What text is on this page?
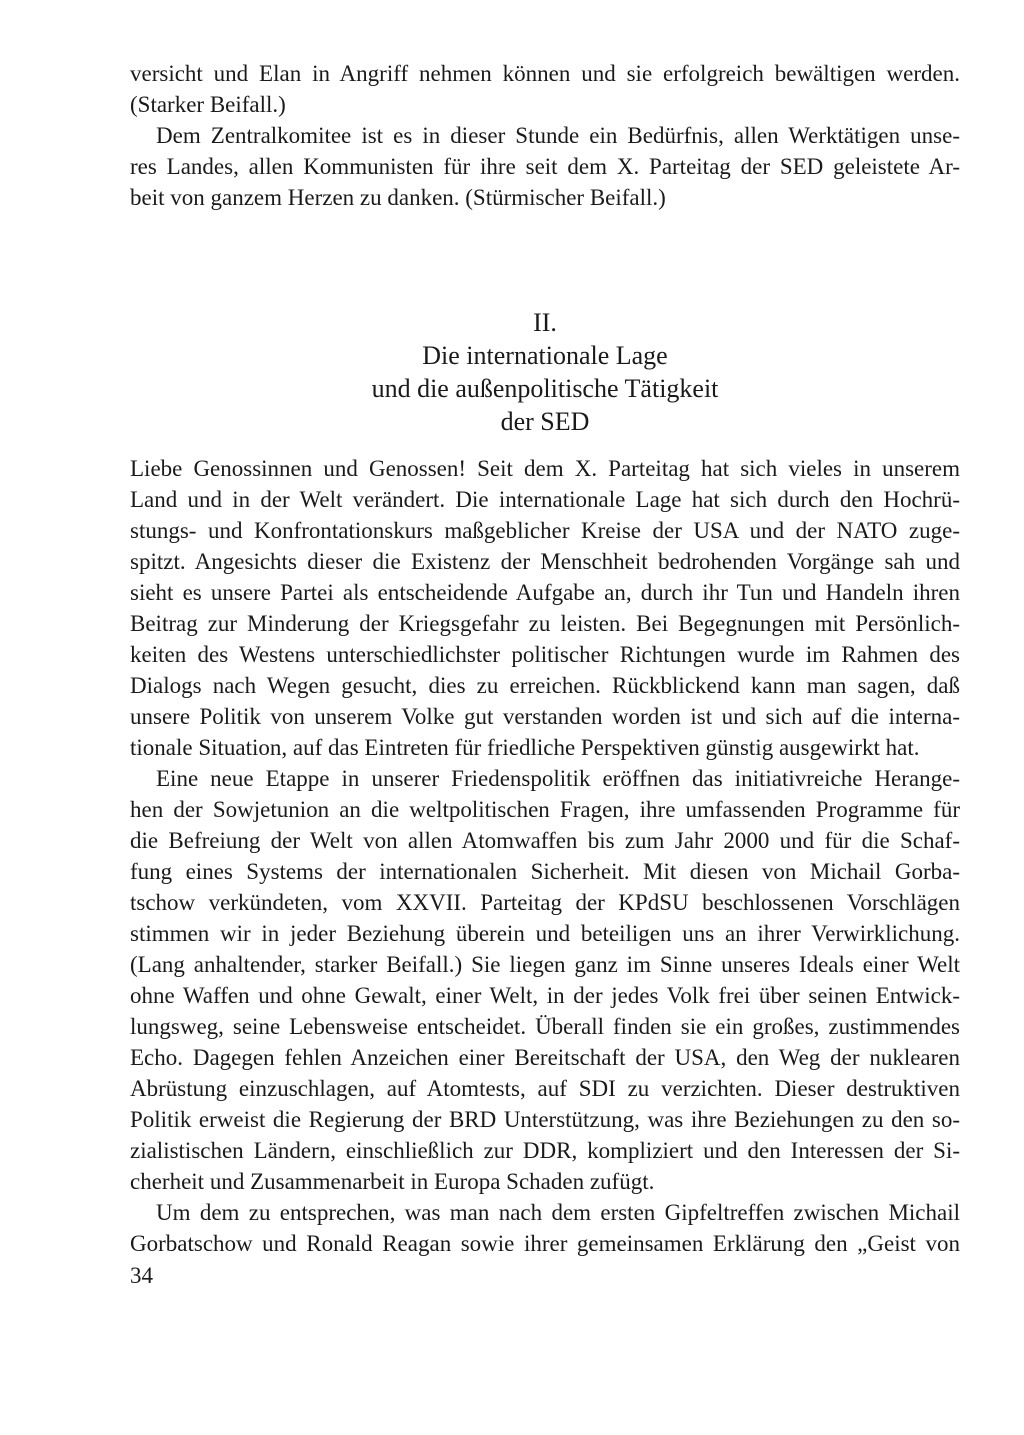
versicht und Elan in Angriff nehmen können und sie erfolgreich bewältigen werden.
(Starker Beifall.)
Dem Zentralkomitee ist es in dieser Stunde ein Bedürfnis, allen Werktätigen unse-
res Landes, allen Kommunisten für ihre seit dem X. Parteitag der SED geleistete Ar-
beit von ganzem Herzen zu danken. (Stürmischer Beifall.)
II.
Die internationale Lage
und die außenpolitische Tätigkeit
der SED
Liebe Genossinnen und Genossen! Seit dem X. Parteitag hat sich vieles in unserem
Land und in der Welt verändert. Die internationale Lage hat sich durch den Hochrü-
stungs- und Konfrontationskurs maßgeblicher Kreise der USA und der NATO zuge-
spitzt. Angesichts dieser die Existenz der Menschheit bedrohenden Vorgänge sah und
sieht es unsere Partei als entscheidende Aufgabe an, durch ihr Tun und Handeln ihren
Beitrag zur Minderung der Kriegsgefahr zu leisten. Bei Begegnungen mit Persönlich-
keiten des Westens unterschiedlichster politischer Richtungen wurde im Rahmen des
Dialogs nach Wegen gesucht, dies zu erreichen. Rückblickend kann man sagen, daß
unsere Politik von unserem Volke gut verstanden worden ist und sich auf die interna-
tionale Situation, auf das Eintreten für friedliche Perspektiven günstig ausgewirkt hat.
Eine neue Etappe in unserer Friedenspolitik eröffnen das initiativreiche Herange-
hen der Sowjetunion an die weltpolitischen Fragen, ihre umfassenden Programme für
die Befreiung der Welt von allen Atomwaffen bis zum Jahr 2000 und für die Schaf-
fung eines Systems der internationalen Sicherheit. Mit diesen von Michail Gorba-
tschow verkündeten, vom XXVII. Parteitag der KPdSU beschlossenen Vorschlägen
stimmen wir in jeder Beziehung überein und beteiligen uns an ihrer Verwirklichung.
(Lang anhaltender, starker Beifall.) Sie liegen ganz im Sinne unseres Ideals einer Welt
ohne Waffen und ohne Gewalt, einer Welt, in der jedes Volk frei über seinen Entwick-
lungsweg, seine Lebensweise entscheidet. Überall finden sie ein großes, zustimmendes
Echo. Dagegen fehlen Anzeichen einer Bereitschaft der USA, den Weg der nuklearen
Abrüstung einzuschlagen, auf Atomtests, auf SDI zu verzichten. Dieser destruktiven
Politik erweist die Regierung der BRD Unterstützung, was ihre Beziehungen zu den so-
zialistischen Ländern, einschließlich zur DDR, kompliziert und den Interessen der Si-
cherheit und Zusammenarbeit in Europa Schaden zufügt.
Um dem zu entsprechen, was man nach dem ersten Gipfeltreffen zwischen Michail
Gorbatschow und Ronald Reagan sowie ihrer gemeinsamen Erklärung den „Geist von
34
